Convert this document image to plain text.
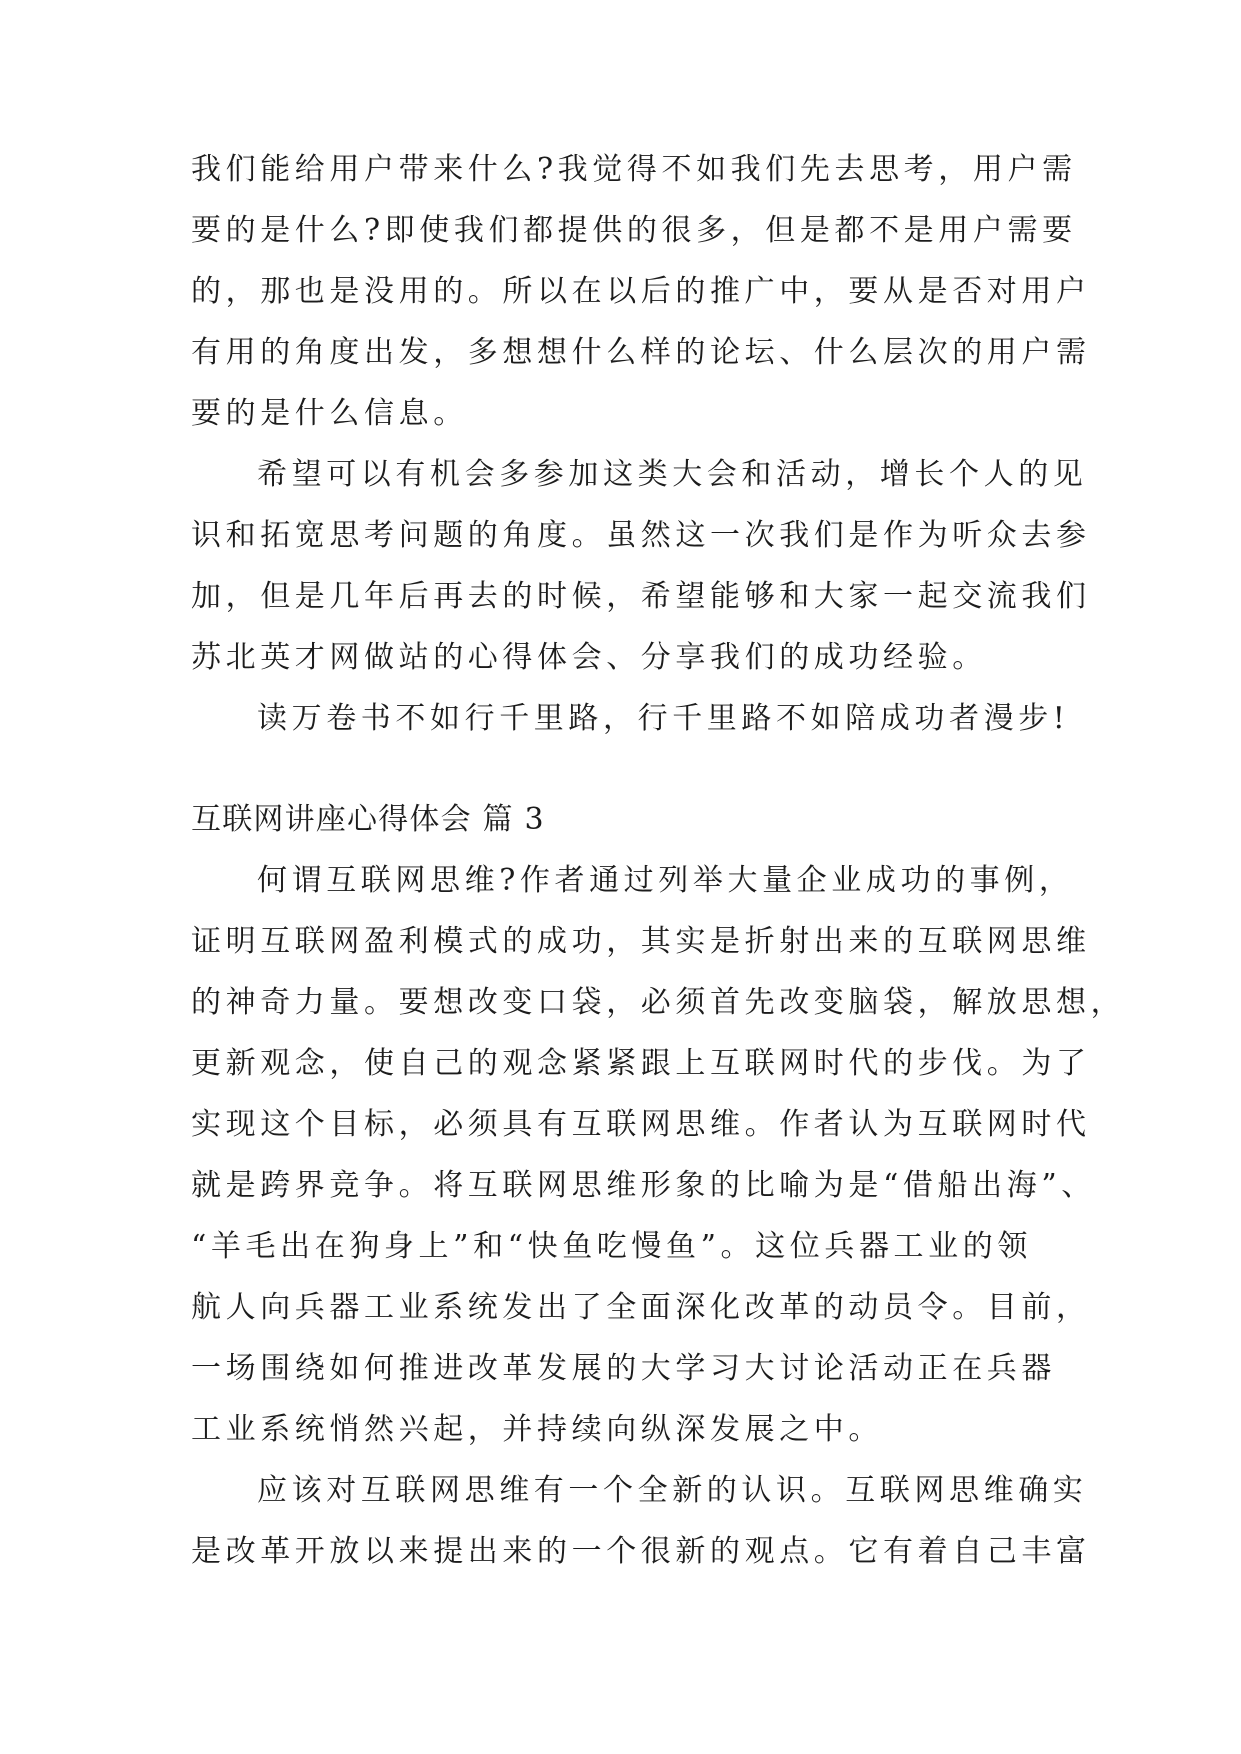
我们能给用户带来什么?我觉得不如我们先去思考，用户需
要的是什么?即使我们都提供的很多，但是都不是用户需要
的，那也是没用的。所以在以后的推广中，要从是否对用户
有用的角度出发，多想想什么样的论坛、什么层次的用户需
要的是什么信息。
希望可以有机会多参加这类大会和活动，增长个人的见
识和拓宽思考问题的角度。虽然这一次我们是作为听众去参
加，但是几年后再去的时候，希望能够和大家一起交流我们
苏北英才网做站的心得体会、分享我们的成功经验。
读万卷书不如行千里路，行千里路不如陪成功者漫步!
互联网讲座心得体会 篇 3
何谓互联网思维?作者通过列举大量企业成功的事例，
证明互联网盈利模式的成功，其实是折射出来的互联网思维
的神奇力量。要想改变口袋，必须首先改变脑袋，解放思想，
更新观念，使自己的观念紧紧跟上互联网时代的步伐。为了
实现这个目标，必须具有互联网思维。作者认为互联网时代
就是跨界竞争。将互联网思维形象的比喻为是“借船出海”、
“羊毛出在狗身上”和“快鱼吃慢鱼”。这位兵器工业的领
航人向兵器工业系统发出了全面深化改革的动员令。目前，
一场围绕如何推进改革发展的大学习大讨论活动正在兵器
工业系统悄然兴起，并持续向纵深发展之中。
应该对互联网思维有一个全新的认识。互联网思维确实
是改革开放以来提出来的一个很新的观点。它有着自己丰富
